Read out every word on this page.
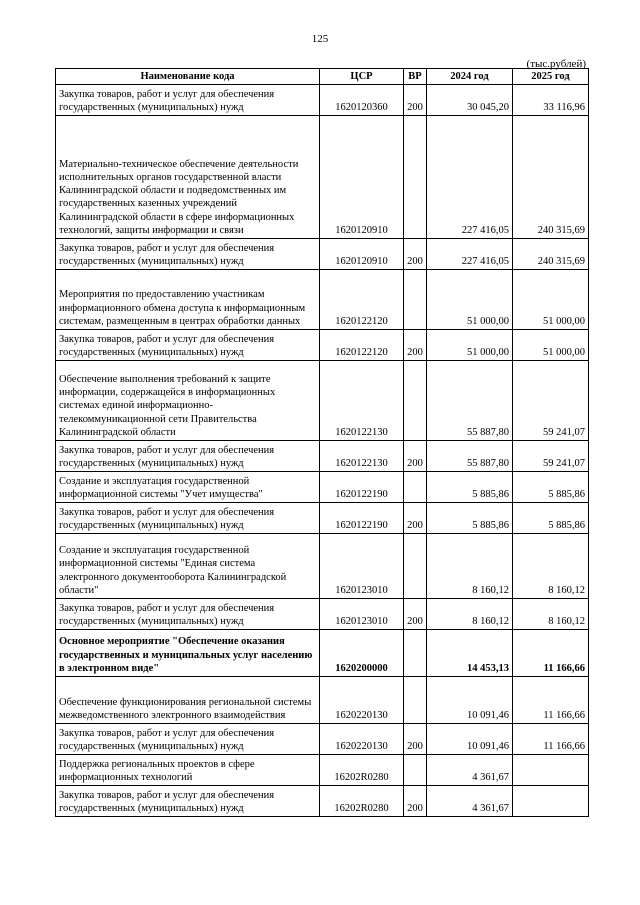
125
(тыс.рублей)
Наименование кода	ЦСР	ВР	2024 год	2025 год
Закупка товаров, работ и услуг для обеспечения государственных (муниципальных) нужд	1620120360	200	30 045,20	33 116,96
Материально-техническое обеспечение деятельности исполнительных органов государственной власти Калининградской области и подведомственных им государственных казенных учреждений Калининградской области в сфере информационных технологий, защиты информации и связи	1620120910		227 416,05	240 315,69
Закупка товаров, работ и услуг для обеспечения государственных (муниципальных) нужд	1620120910	200	227 416,05	240 315,69
Мероприятия по предоставлению участникам информационного обмена доступа к информационным системам, размещенным в центрах обработки данных	1620122120		51 000,00	51 000,00
Закупка товаров, работ и услуг для обеспечения государственных (муниципальных) нужд	1620122120	200	51 000,00	51 000,00
Обеспечение выполнения требований к защите информации, содержащейся в информационных системах единой информационно-телекоммуникационной сети Правительства Калининградской области	1620122130		55 887,80	59 241,07
Закупка товаров, работ и услуг для обеспечения государственных (муниципальных) нужд	1620122130	200	55 887,80	59 241,07
Создание и эксплуатация государственной информационной системы "Учет имущества"	1620122190		5 885,86	5 885,86
Закупка товаров, работ и услуг для обеспечения государственных (муниципальных) нужд	1620122190	200	5 885,86	5 885,86
Создание и эксплуатация государственной информационной системы "Единая система электронного документооборота Калининградской области"	1620123010		8 160,12	8 160,12
Закупка товаров, работ и услуг для обеспечения государственных (муниципальных) нужд	1620123010	200	8 160,12	8 160,12
Основное мероприятие "Обеспечение оказания государственных и муниципальных услуг населению в электронном виде"	1620200000		14 453,13	11 166,66
Обеспечение функционирования региональной системы межведомственного электронного взаимодействия	1620220130		10 091,46	11 166,66
Закупка товаров, работ и услуг для обеспечения государственных (муниципальных) нужд	1620220130	200	10 091,46	11 166,66
Поддержка региональных проектов в сфере информационных технологий	16202R0280		4 361,67	
Закупка товаров, работ и услуг для обеспечения государственных (муниципальных) нужд	16202R0280	200	4 361,67	
